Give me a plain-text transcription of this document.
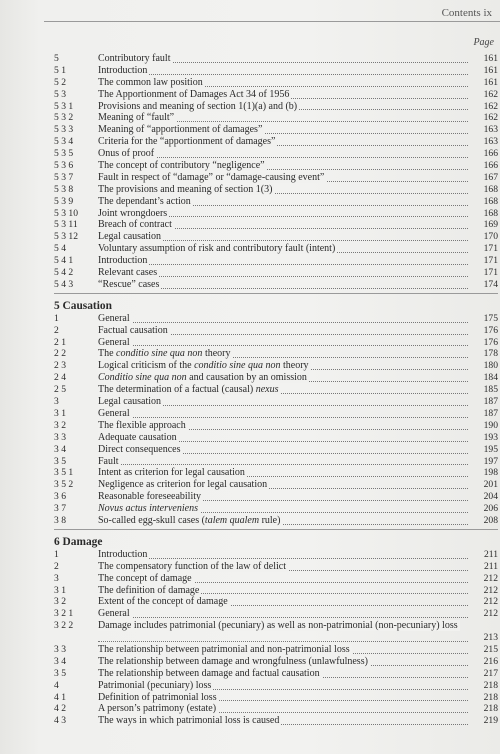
Contents ix
Page
5	Contributory fault	161
5 1	Introduction	161
5 2	The common law position	161
5 3	The Apportionment of Damages Act 34 of 1956	162
5 3 1	Provisions and meaning of section 1(1)(a) and (b)	162
5 3 2	Meaning of “fault”	162
5 3 3	Meaning of “apportionment of damages”	163
5 3 4	Criteria for the “apportionment of damages”	163
5 3 5	Onus of proof	166
5 3 6	The concept of contributory “negligence”	166
5 3 7	Fault in respect of “damage” or “damage-causing event”	167
5 3 8	The provisions and meaning of section 1(3)	168
5 3 9	The dependant’s action	168
5 3 10	Joint wrongdoers	168
5 3 11	Breach of contract	169
5 3 12	Legal causation	170
5 4	Voluntary assumption of risk and contributory fault (intent)	171
5 4 1	Introduction	171
5 4 2	Relevant cases	171
5 4 3	“Rescue” cases	174
5 Causation
1	General	175
2	Factual causation	176
2 1	General	176
2 2	The conditio sine qua non theory	178
2 3	Logical criticism of the conditio sine qua non theory	180
2 4	Conditio sine qua non and causation by an omission	184
2 5	The determination of a factual (causal) nexus	185
3	Legal causation	187
3 1	General	187
3 2	The flexible approach	190
3 3	Adequate causation	193
3 4	Direct consequences	195
3 5	Fault	197
3 5 1	Intent as criterion for legal causation	198
3 5 2	Negligence as criterion for legal causation	201
3 6	Reasonable foreseeability	204
3 7	Novus actus interveniens	206
3 8	So-called egg-skull cases (talem qualem rule)	208
6 Damage
1	Introduction	211
2	The compensatory function of the law of delict	211
3	The concept of damage	212
3 1	The definition of damage	212
3 2	Extent of the concept of damage	212
3 2 1	General	212
3 2 2	Damage includes patrimonial (pecuniary) as well as non-patrimonial (non-pecuniary) loss
213
3 3	The relationship between patrimonial and non-patrimonial loss	215
3 4	The relationship between damage and wrongfulness (unlawfulness)	216
3 5	The relationship between damage and factual causation	217
4	Patrimonial (pecuniary) loss	218
4 1	Definition of patrimonial loss	218
4 2	A person’s patrimony (estate)	218
4 3	The ways in which patrimonial loss is caused	219
